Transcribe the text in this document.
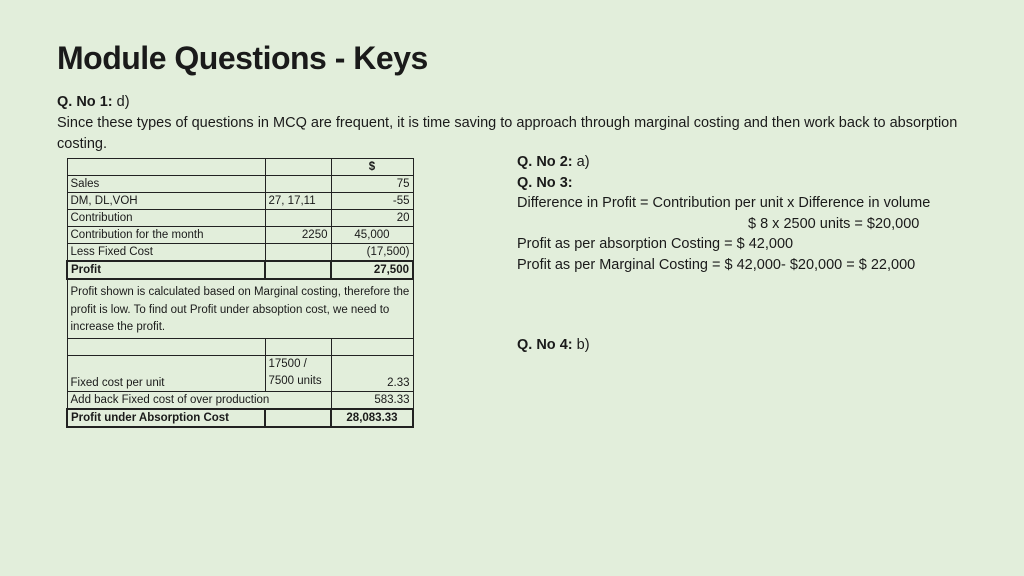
Module Questions - Keys
Q. No 1: d)
Since these types of questions in MCQ are frequent, it is time saving to approach through marginal costing and then work back to absorption costing.
		$
Sales		75
DM, DL,VOH	27, 17,11	-55
Contribution		20
Contribution for the month	2250	45,000
Less Fixed Cost		(17,500)
Profit		27,500
Profit shown is calculated based on Marginal costing, therefore the profit is low. To find out Profit under absoption cost, we need to increase the profit.		

Fixed cost per unit	17500 / 7500 units	2.33
Add back Fixed cost of over production		583.33
Profit under Absorption Cost		28,083.33
Q. No 2: a)
Q. No 3:
Difference in Profit = Contribution per unit x Difference in volume
$ 8 x 2500 units = $20,000
Profit as per absorption Costing = $ 42,000
Profit as per Marginal Costing = $ 42,000- $20,000 = $ 22,000
Q. No 4: b)
